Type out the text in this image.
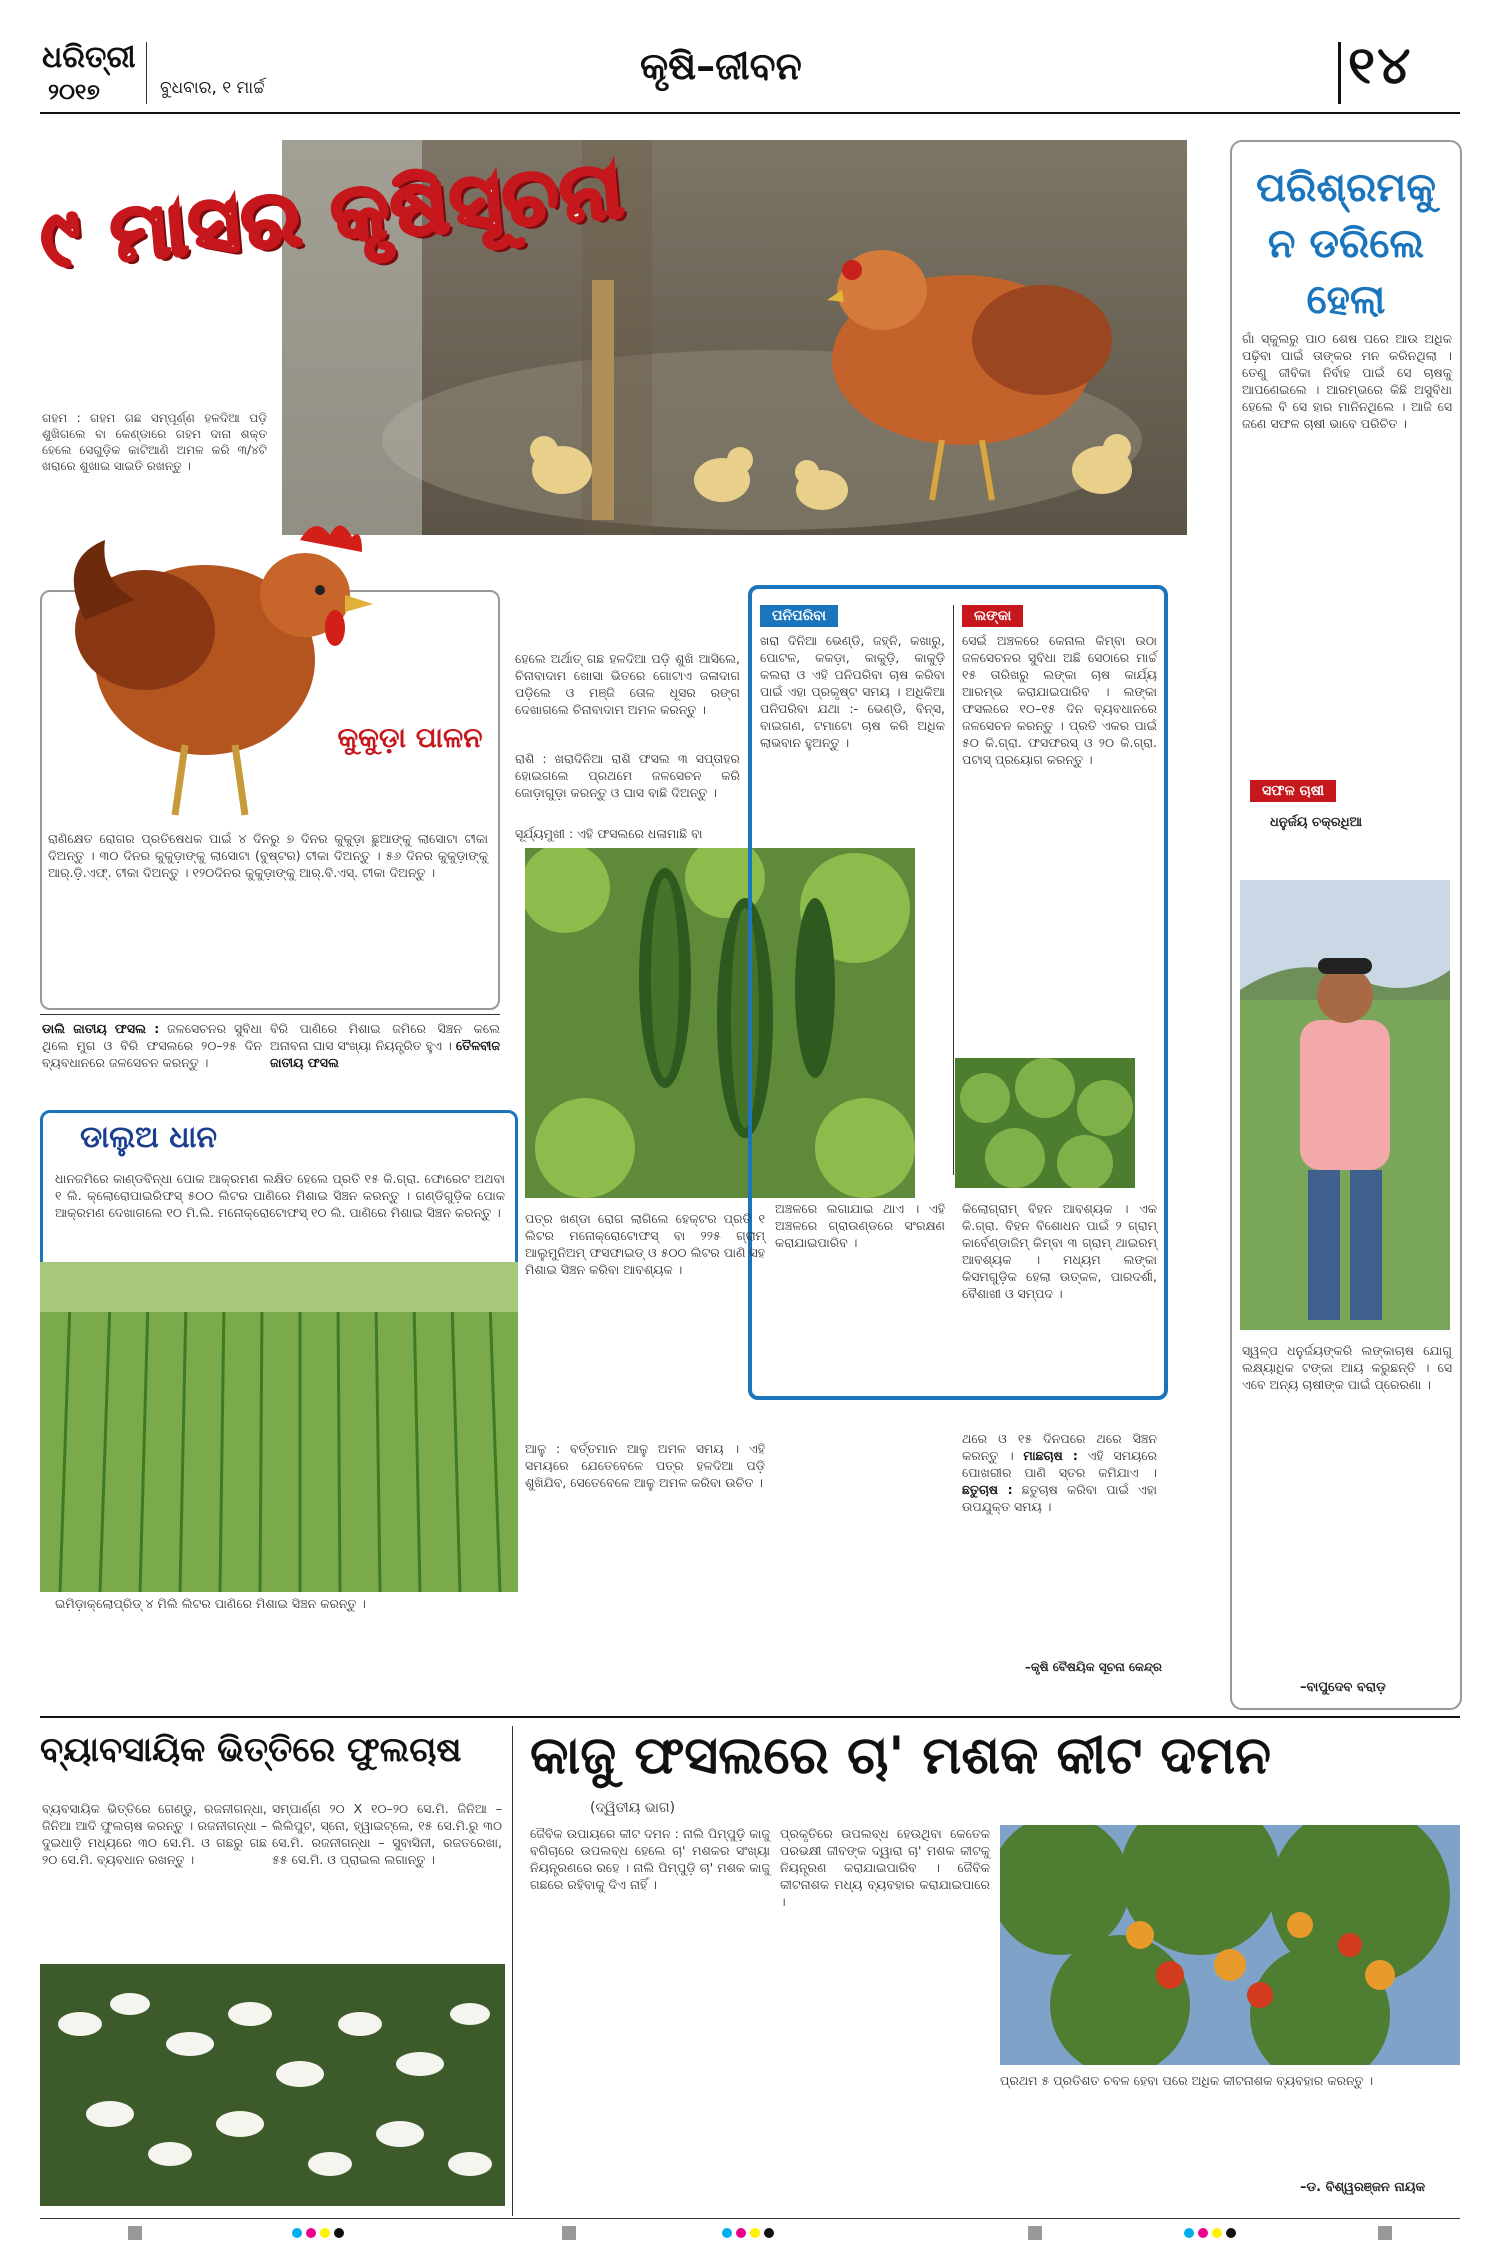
ଧରିତ୍ରୀ
୨୦୧୭	ବୁଧବାର, ୧ ମାର୍ଚ୍ଚ	କୃଷି–ଜୀବନ	୧୪
୯ ମାସର କୃଷିସୂଚନା
ଗହମ : ଗହମ ଗଛ ସମ୍ପୂର୍ଣ୍ଣ ହଳଦିଆ ପଡ଼ି ଶୁଖିଗଲେ ବା କେଣ୍ଡାରେ ଗହମ ଦାନା ଶକ୍ତ ହେଲେ ସେଗୁଡ଼ିକ କାଟିଆଣି ଅମଳ କରି ୩/୪ଟି ଖରାରେ ଶୁଖାଇ ସାଇତି ରଖନ୍ତୁ ।
କୁକୁଡ଼ା ପାଳନ
ରାଣିକ୍ଷେତ ରୋଗର ପ୍ରତିଷେଧକ ପାଇଁ ୪ ଦିନରୁ ୭ ଦିନର କୁକୁଡ଼ା ଛୁଆଙ୍କୁ ଲାସୋଟା ଟୀକା ଦିଅନ୍ତୁ । ୩୦ ଦିନର କୁକୁଡ଼ାଙ୍କୁ ଲାସୋଟା (ବୁଷ୍ଟର) ଟୀକା ଦିଅନ୍ତୁ । ୫୬ ଦିନର କୁକୁଡ଼ାଙ୍କୁ ଆର୍‌.ଡ଼ି.ଏଫ୍‌. ଟୀକା ଦିଅନ୍ତୁ । ୧୨୦ଦିନର କୁକୁଡ଼ାଙ୍କୁ ଆର୍‌.ବି.ଏସ୍‌. ଟୀକା ଦିଅନ୍ତୁ ।
ଡାଲି ଜାତୀୟ ଫସଲ : ଜଳସେଚନର ସୁବିଧା ଥିଲେ ମୁଗ ଓ ବିରି ଫସଲରେ ୨୦–୨୫ ଦିନ ବ୍ୟବଧାନରେ ଜଳସେଚନ କରନ୍ତୁ ।
ବିରି ପାଣିରେ ମିଶାଇ ଜମିରେ ସିଞ୍ଚନ କଲେ ଅନାବନା ଘାସ ସଂଖ୍ୟା ନିୟନ୍ତ୍ରିତ ହୁଏ । ତୈଳବୀଜ ଜାତୀୟ ଫସଲ
ହେଲେ ଅର୍ଥାତ୍‌ ଗଛ ହଳଦିଆ ପଡ଼ି ଶୁଖି ଆସିଲେ, ଚିନାବାଦାମ ଖୋସା ଭିତରେ ଗୋଟାଏ ଜଳାଦାଗ ପଡ଼ିଲେ ଓ ମଞ୍ଜି ତୋଳ ଧୂସର ରଙ୍ଗ ଦେଖାଗଲେ ଚିନାବାଦାମ ଅମଳ କରନ୍ତୁ ।
ରାଶି : ଖରାଦିନିଆ ରାଶି ଫସଲ ୩ ସପ୍ତାହର ହୋଇଗଲେ ପ୍ରଥମେ ଜଳସେଚନ କରି ଜୋଡ଼ାଗୁଡ଼ା କରନ୍ତୁ ଓ ଘାସ ବାଛି ଦିଅନ୍ତୁ ।
ସୂର୍ଯ୍ୟମୁଖୀ : ଏହି ଫସଲରେ ଧଳାମାଛି ବା
ପନିପରିବା
ଖରା ଦିନିଆ ଭେଣ୍ଡି, ଜହ୍ନି, କଖାରୁ, ପୋଟଳ, କକଡ଼ା, କାକୁଡ଼ି, କାକୁଡ଼ି କଲରା ଓ ଏହି ପନିପରିବା ଚାଷ କରିବା ପାଇଁ ଏହା ପ୍ରକୃଷ୍ଟ ସମୟ । ଅଧିକିଆ ପନିପରିବା ଯଥା :- ଭେଣ୍ଡି, ବିନ୍ସ, ବାଇଗଣ, ଟମାଟୋ ଚାଷ କରି ଅଧିକ ଲାଭବାନ ହୁଅନ୍ତୁ ।
ଲଙ୍କା
ସେଇଁ ଅଞ୍ଚଳରେ କେନାଲ କିମ୍ବା ଉଠା ଜଳସେଚନର ସୁବିଧା ଅଛି ସେଠାରେ ମାର୍ଚ୍ଚ ୧୫ ତାରିଖରୁ ଲଙ୍କା ଚାଷ କାର୍ଯ୍ୟ ଆରମ୍ଭ କରାଯାଇପାରିବ । ଲଙ୍କା ଫସଲରେ ୧୦–୧୫ ଦିନ ବ୍ୟବଧାନରେ ଜଳସେଚନ କରନ୍ତୁ । ପ୍ରତି ଏକର ପାଇଁ ୫୦ କି.ଗ୍ରା. ଫସଫରସ୍‌ ଓ ୨୦ କି.ଗ୍ରା. ପଟାସ୍‌ ପ୍ରୟୋଗ କରନ୍ତୁ ।
କିଲୋଗ୍ରାମ୍‌ ବିହନ ଆବଶ୍ୟକ । ଏକ କି.ଗ୍ରା. ବିହନ ବିଶୋଧନ ପାଇଁ ୨ ଗ୍ରାମ୍‌ କାର୍ବେଣ୍ଡାଜିମ୍‌ କିମ୍ବା ୩ ଗ୍ରାମ୍‌ ଥାଇରମ୍‌ ଆବଶ୍ୟକ । ମଧ୍ୟମ ଲଙ୍କା କିସମଗୁଡ଼ିକ ହେଲା ଉତ୍କଳ, ପାରଦର୍ଶୀ, ବୈଶାଖୀ ଓ ସମ୍ପଦ ।
ଡାଲୁଅ ଧାନ
ଧାନଜମିରେ କାଣ୍ଡବିନ୍ଧା ପୋକ ଆକ୍ରମଣ ଲକ୍ଷିତ ହେଲେ ପ୍ରତି ୧୫ କି.ଗ୍ରା. ଫୋରେଟ ଅଥବା ୧ ଲି. କ୍ଲୋରୋପାଇରିଫସ୍‌ ୫୦୦ ଲିଟର ପାଣିରେ ମିଶାଇ ସିଞ୍ଚନ କରନ୍ତୁ । ଗଣ୍ଡିଗୁଡ଼ିକ ପୋକ ଆକ୍ରମଣ ଦେଖାଗଲେ ୧୦ ମି.ଲି. ମନୋକ୍ରୋଟୋଫସ୍‌ ୧୦ ଲି. ପାଣିରେ ମିଶାଇ ସିଞ୍ଚନ କରନ୍ତୁ ।
ଇମିଡ଼ାକ୍ଲୋପ୍ରିଡ୍‌ ୪ ମିଲି ଲିଟର ପାଣିରେ ମିଶାଇ ସିଞ୍ଚନ କରନ୍ତୁ ।
ପତ୍ର ଖଣ୍ଡା ରୋଗ ଲାଗିଲେ ହେକ୍ଟର ପ୍ରତି ୧ ଲିଟର ମନୋକ୍ରୋଟୋଫସ୍‌ ବା ୨୨୫ ଗ୍ରାମ୍‌ ଆଲୁମୁନିଅମ୍‌ ଫସଫାଇଡ୍‌ ଓ ୫୦୦ ଲିଟର ପାଣି ସହ ମିଶାଇ ସିଞ୍ଚନ କରିବା ଆବଶ୍ୟକ ।
ଆଳୁ : ବର୍ତ୍ତମାନ ଆଳୁ ଅମଳ ସମୟ । ଏହି ସମୟରେ ଯେତେବେଳେ ପତ୍ର ହଳଦିଆ ପଡ଼ି ଶୁଖିଯିବ, ସେତେବେଳେ ଆଳୁ ଅମଳ କରିବା ଉଚିତ ।
ଅଞ୍ଚଳରେ ଲଗାଯାଇ ଥାଏ । ଏହି ଅଞ୍ଚଳରେ ଗ୍ରାଉଣ୍ଡରେ ସଂରକ୍ଷଣ କରାଯାଇପାରିବ ।
ଥରେ ଓ ୧୫ ଦିନପରେ ଥରେ ସିଞ୍ଚନ କରନ୍ତୁ । ମାଛଚାଷ : ଏହି ସମୟରେ ପୋଖରୀର ପାଣି ସ୍ତର କମିଯାଏ । ଛତୁଚାଷ : ଛତୁଚାଷ କରିବା ପାଇଁ ଏହା ଉପଯୁକ୍ତ ସମୟ ।
–କୃଷି ବୈଷୟିକ ସୂଚନା କେନ୍ଦ୍ର
ପରିଶ୍ରମକୁ ନ ଡରିଲେ ହେଲା
ଗାଁ ସ୍କୁଲରୁ ପାଠ ଶେଷ ପରେ ଆଉ ଅଧିକ ପଢ଼ିବା ପାଇଁ ତାଙ୍କର ମନ କରିନଥିଲା । ତେଣୁ ଜୀବିକା ନିର୍ବାହ ପାଇଁ ସେ ଚାଷକୁ ଆପଣେଇଲେ । ଆରମ୍ଭରେ କିଛି ଅସୁବିଧା ହେଲେ ବି ସେ ହାର ମାନିନଥିଲେ । ଆଜି ସେ ଜଣେ ସଫଳ ଚାଷୀ ଭାବେ ପରିଚିତ ।
ସଫଳ ଚାଷୀ
ଧନୁର୍ଜୟ ଚକ୍ରଧିଆ
ସ୍ୱଳ୍ପ ଧନୁର୍ଜୟଙ୍କରି ଲଙ୍କାଚାଷ ଯୋଗୁ ଲକ୍ଷ୍ୟାଧିକ ଟଙ୍କା ଆୟ କରୁଛନ୍ତି । ସେ ଏବେ ଅନ୍ୟ ଚାଷୀଙ୍କ ପାଇଁ ପ୍ରେରଣା ।
–ବାପୁଦେବ ବରାଡ଼
ବ୍ୟାବସାୟିକ ଭିତ୍ତିରେ ଫୁଲଚାଷ
ବ୍ୟବସାୟିକ ଭିତ୍ତିରେ ଗେଣ୍ଡୁ, ରଜନୀଗନ୍ଧା, ଜିନିଆ ଆଦି ଫୁଲଚାଷ କରନ୍ତୁ । ରଜନୀଗନ୍ଧା – ଦୁଇଧାଡ଼ି ମଧ୍ୟରେ ୩୦ ସେ.ମି. ଓ ଗଛରୁ ଗଛ ୨୦ ସେ.ମି. ବ୍ୟବଧାନ ରଖନ୍ତୁ ।
ସମ୍ପାର୍ଣ୍ଣ ୨୦ X ୧୦–୨୦ ସେ.ମି. ଜିନିଆ – ଲିଲିପୁଟ, ସ୍ନୋ, ହ୍ୱାଇଟ୍‌ଲେ, ୧୫ ସେ.ମି.ରୁ ୩୦ ସେ.ମି. ରଜନୀଗନ୍ଧା – ସୁବାସିନୀ, ରଜତରେଖା, ୫୫ ସେ.ମି. ଓ ପ୍ରାଇଲ ଲଗାନ୍ତୁ ।
କାଜୁ ଫସଲରେ ଚା' ମଶକ କୀଟ ଦମନ
(ଦ୍ୱିତୀୟ ଭାଗ)
ଜୈବିକ ଉପାୟରେ କୀଟ ଦମନ : ନାଲି ପିମ୍ପୁଡ଼ି କାଜୁ ବଗିଚାରେ ଉପଲବ୍ଧ ହେଲେ ଚା' ମଶକର ସଂଖ୍ୟା ନିୟନ୍ତ୍ରଣରେ ରହେ । ନାଲି ପିମ୍ପୁଡ଼ି ଚା' ମଶକ କାଜୁ ଗଛରେ ରହିବାକୁ ଦିଏ ନାହିଁ ।
ପ୍ରକୃତିରେ ଉପଲବ୍ଧ ହେଉଥିବା କେତେକ ପରଭକ୍ଷୀ ଜୀବଙ୍କ ଦ୍ୱାରା ଚା' ମଶକ କୀଟକୁ ନିୟନ୍ତ୍ରଣ କରାଯାଇପାରିବ । ଜୈବିକ କୀଟନାଶକ ମଧ୍ୟ ବ୍ୟବହାର କରାଯାଇପାରେ ।
ପ୍ରଥମ ୫ ପ୍ରତିଶତ ଚବଳ ହେବା ପରେ ଅଧିକ କୀଟନାଶକ ବ୍ୟବହାର କରନ୍ତୁ ।
–ଡ. ବିଶ୍ୱରଞ୍ଜନ ନାୟକ
